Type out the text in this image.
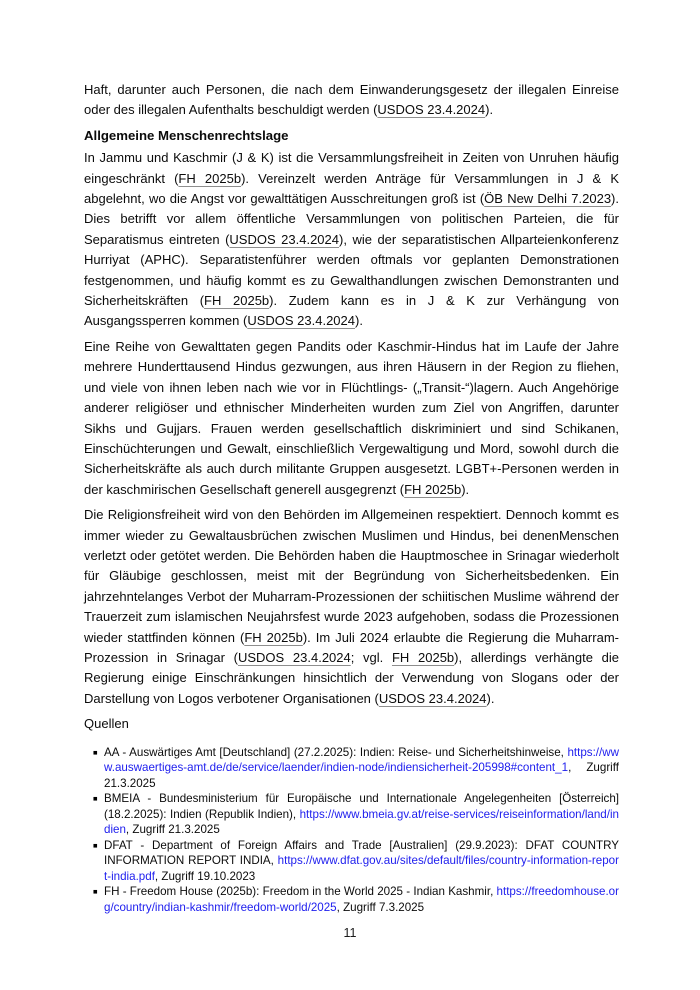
Haft, darunter auch Personen, die nach dem Einwanderungsgesetz der illegalen Einreise oder des illegalen Aufenthalts beschuldigt werden (USDOS 23.4.2024).

Allgemeine Menschenrechtslage

In Jammu und Kaschmir (J & K) ist die Versammlungsfreiheit in Zeiten von Unruhen häufig eingeschränkt (FH 2025b). Vereinzelt werden Anträge für Versammlungen in J & K abgelehnt, wo die Angst vor gewalttätigen Ausschreitungen groß ist (ÖB New Delhi 7.2023). Dies betrifft vor allem öffentliche Versammlungen von politischen Parteien, die für Separatismus eintreten (USDOS 23.4.2024), wie der separatistischen Allparteienkonferenz Hurriyat (APHC). Separatistenführer werden oftmals vor geplanten Demonstrationen festgenommen, und häufig kommt es zu Gewalthandlungen zwischen Demonstranten und Sicherheitskräften (FH 2025b). Zudem kann es in J & K zur Verhängung von Ausgangssperren kommen (USDOS 23.4.2024).

Eine Reihe von Gewalttaten gegen Pandits oder Kaschmir-Hindus hat im Laufe der Jahre mehrere Hunderttausend Hindus gezwungen, aus ihren Häusern in der Region zu fliehen, und viele von ihnen leben nach wie vor in Flüchtlings- („Transit-“)lagern. Auch Angehörige anderer religiöser und ethnischer Minderheiten wurden zum Ziel von Angriffen, darunter Sikhs und Gujjars. Frauen werden gesellschaftlich diskriminiert und sind Schikanen, Einschüchterungen und Gewalt, einschließlich Vergewaltigung und Mord, sowohl durch die Sicherheitskräfte als auch durch militante Gruppen ausgesetzt. LGBT+-Personen werden in der kaschmirischen Gesellschaft generell ausgegrenzt (FH 2025b).

Die Religionsfreiheit wird von den Behörden im Allgemeinen respektiert. Dennoch kommt es immer wieder zu Gewaltausbrüchen zwischen Muslimen und Hindus, bei denenMenschen verletzt oder getötet werden. Die Behörden haben die Hauptmoschee in Srinagar wiederholt für Gläubige geschlossen, meist mit der Begründung von Sicherheitsbedenken. Ein jahrzehntelanges Verbot der Muharram-Prozessionen der schiitischen Muslime während der Trauerzeit zum islamischen Neujahrsfest wurde 2023 aufgehoben, sodass die Prozessionen wieder stattfinden können (FH 2025b). Im Juli 2024 erlaubte die Regierung die Muharram-Prozession in Srinagar (USDOS 23.4.2024; vgl. FH 2025b), allerdings verhängte die Regierung einige Einschränkungen hinsichtlich der Verwendung von Slogans oder der Darstellung von Logos verbotener Organisationen (USDOS 23.4.2024).

Quellen

■ AA - Auswärtiges Amt [Deutschland] (27.2.2025): Indien: Reise- und Sicherheitshinweise, https://www.auswaertiges-amt.de/de/service/laender/indien-node/indiensicherheit-205998#content_1, Zugriff 21.3.2025
■ BMEIA - Bundesministerium für Europäische und Internationale Angelegenheiten [Österreich] (18.2.2025): Indien (Republik Indien), https://www.bmeia.gv.at/reise-services/reiseinformation/land/indien, Zugriff 21.3.2025
■ DFAT - Department of Foreign Affairs and Trade [Australien] (29.9.2023): DFAT COUNTRY INFORMATION REPORT INDIA, https://www.dfat.gov.au/sites/default/files/country-information-report-india.pdf, Zugriff 19.10.2023
■ FH - Freedom House (2025b): Freedom in the World 2025 - Indian Kashmir, https://freedomhouse.org/country/indian-kashmir/freedom-world/2025, Zugriff 7.3.2025
11
